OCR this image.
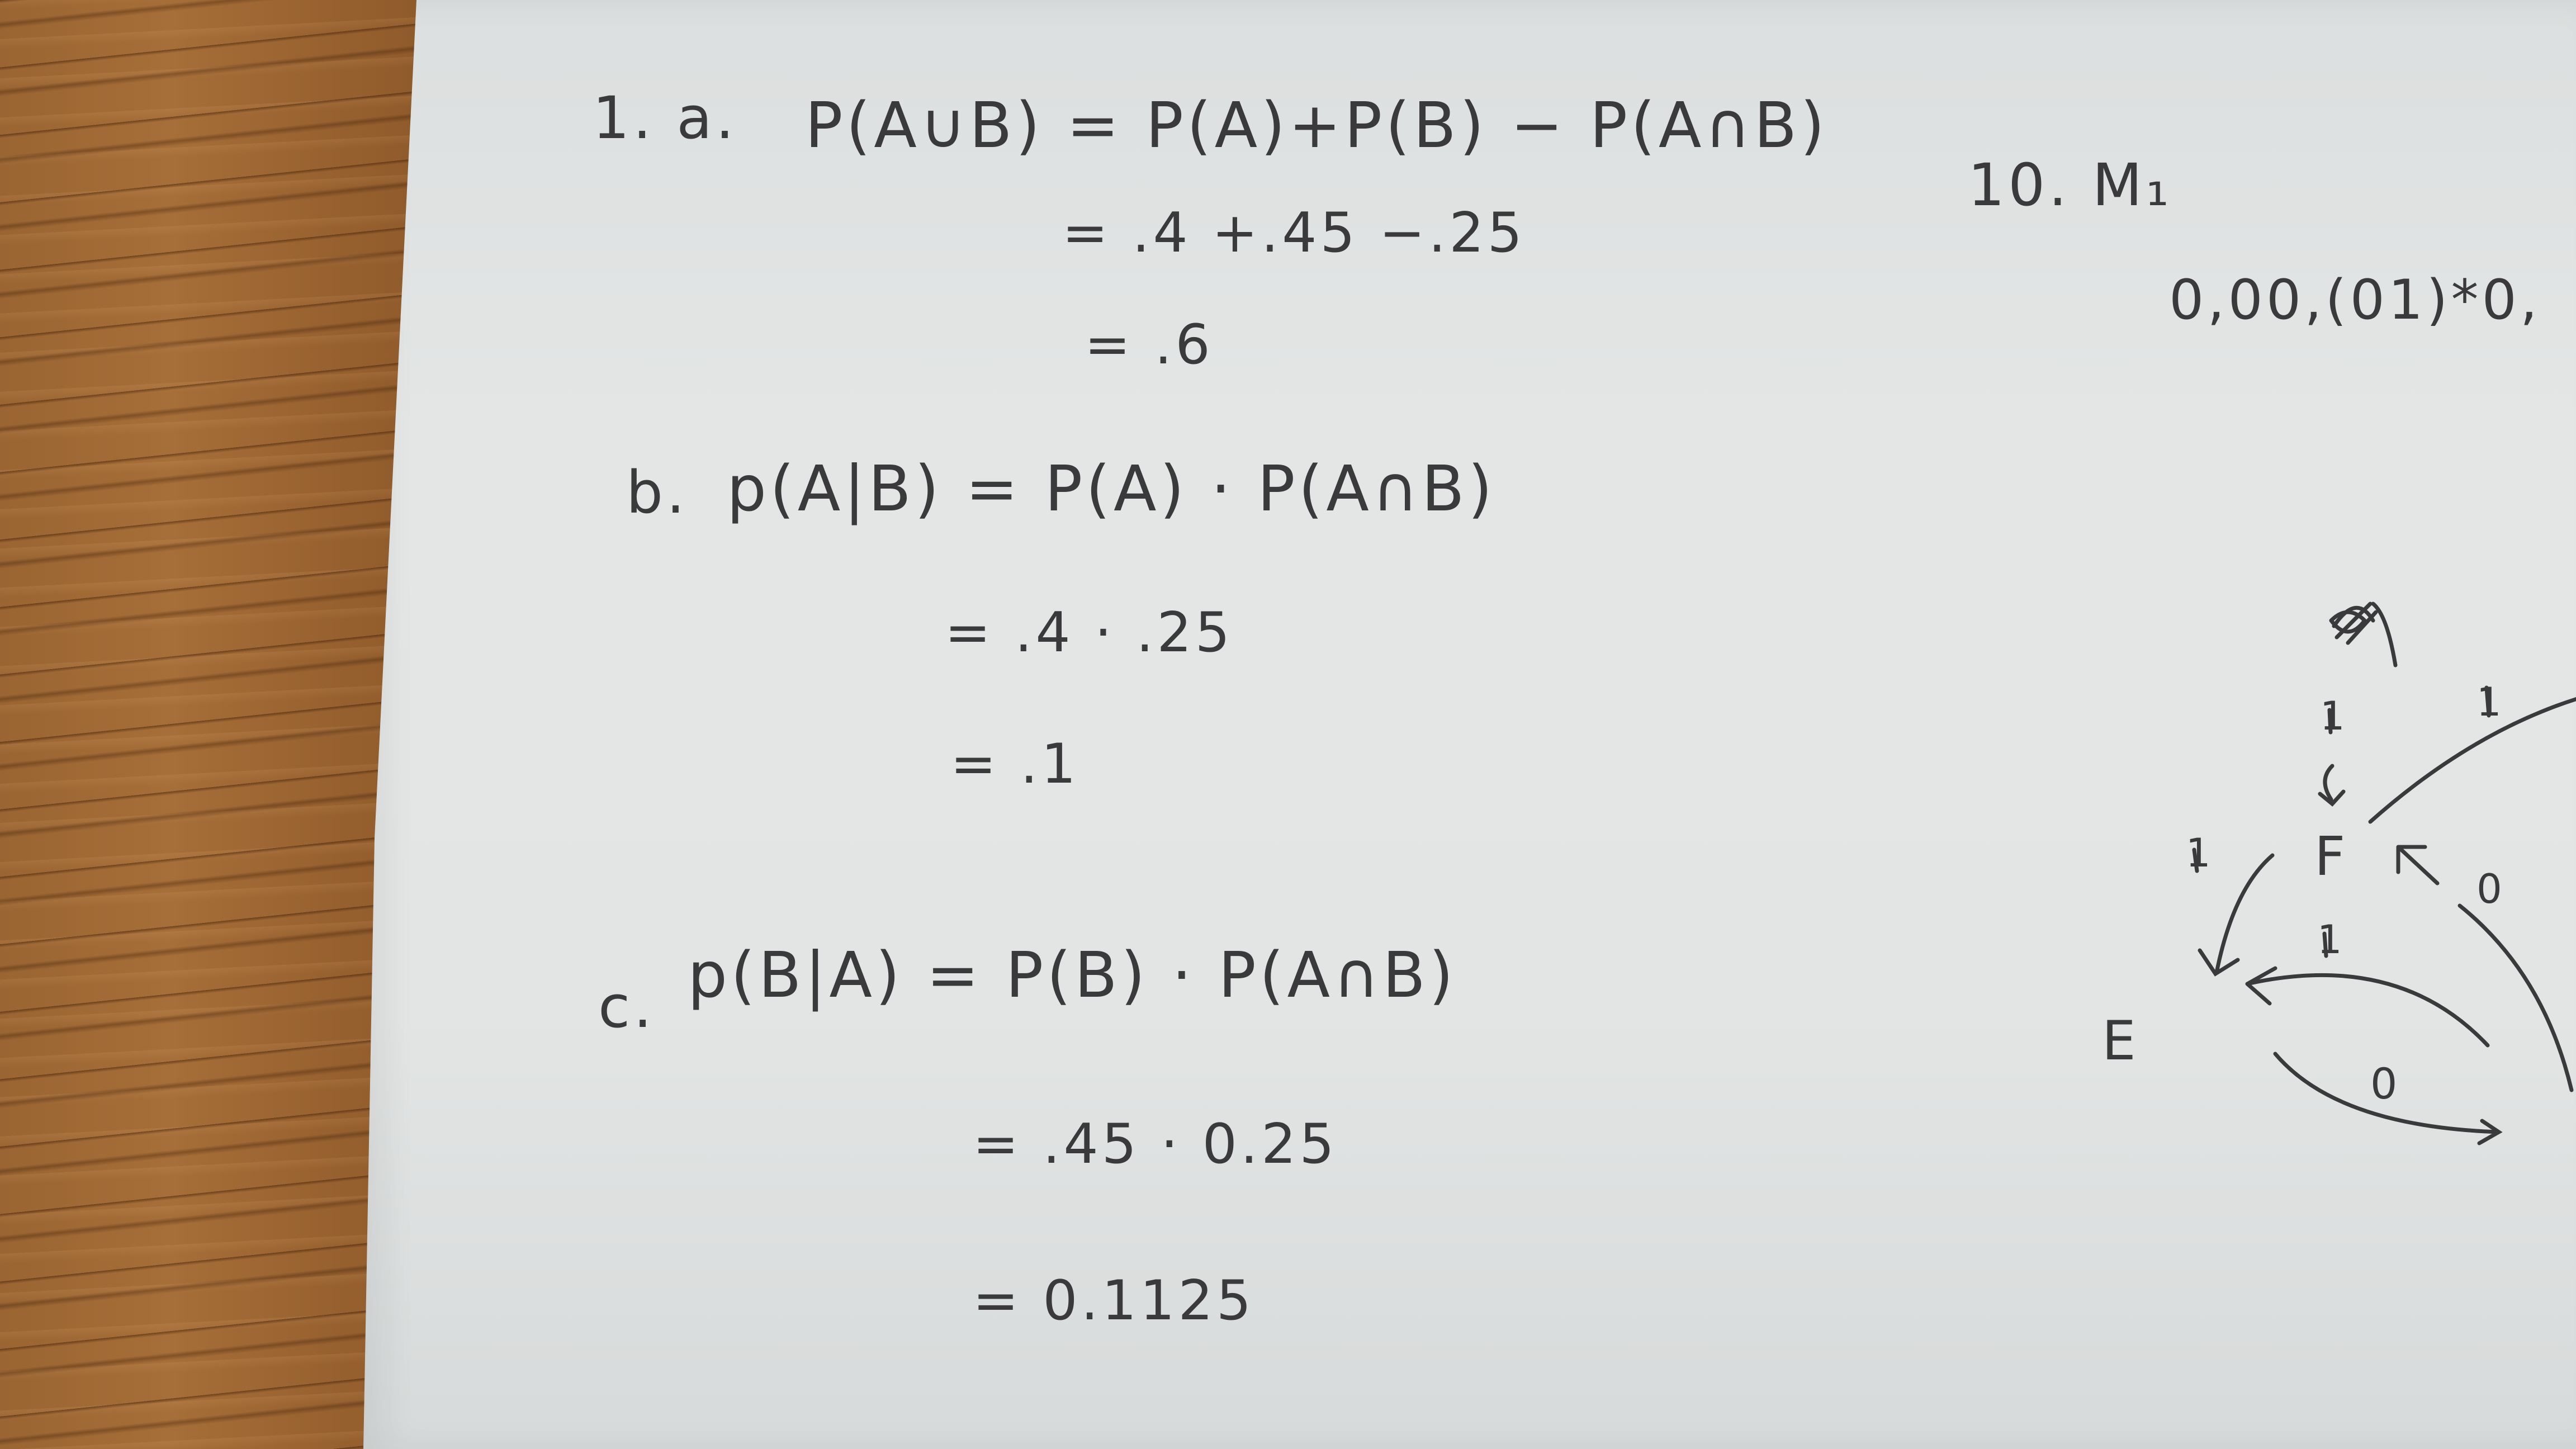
1. a. P(A∪B) = P(A)+P(B) − P(A∩B)
= .4 +.45 −.25
= .6
b. p(A|B) = P(A) · P(A∩B)
= .4 · .25
= .1
c. p(B|A) = P(B) · P(A∩B)
= .45 · 0.25
= 0.1125
10. M₁
0,00,(01)*0,
F
E
1	1
1
0
1
0
